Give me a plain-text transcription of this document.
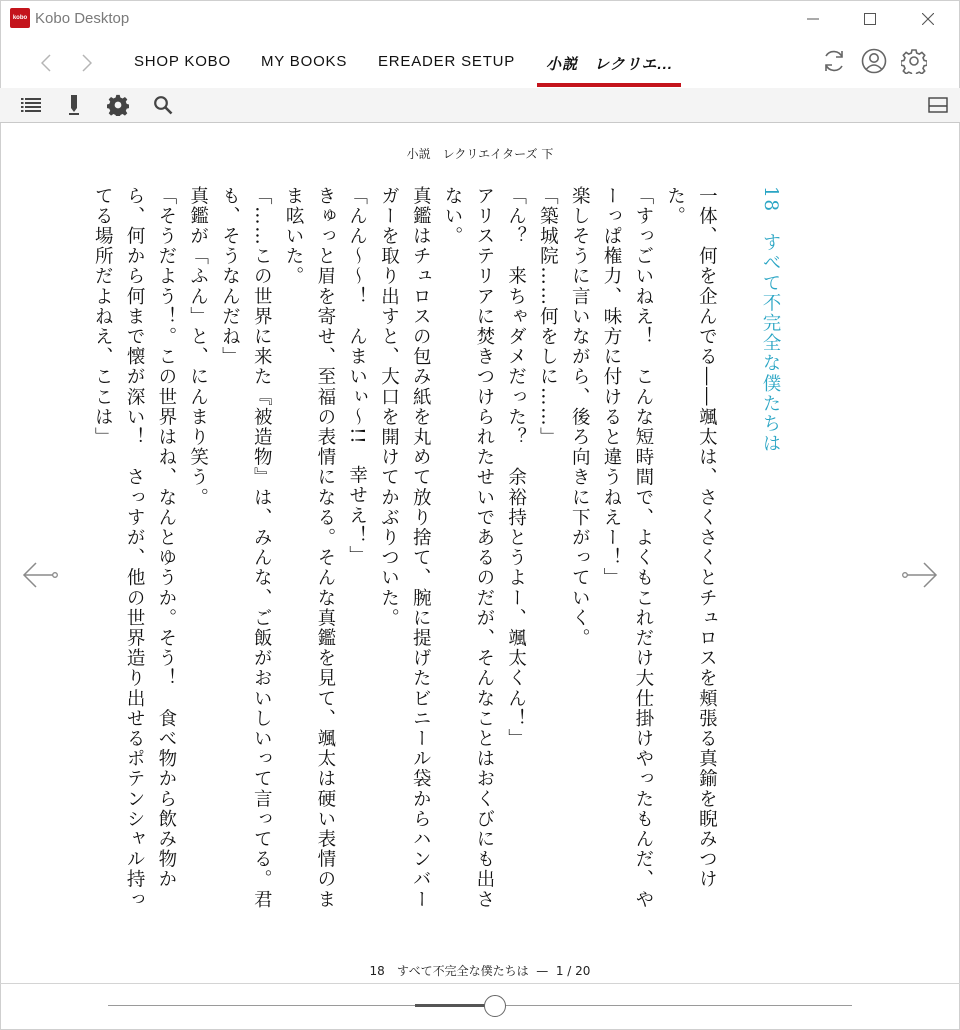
kobo Kobo Desktop
SHOP KOBO MY BOOKS EREADER SETUP 小説　レクリエ...
小説　レクリエイターズ 下

18　すべて不完全な僕たちは

一体、何を企んでる――颯太は、さくさくとチュロスを頬張る真鍮を睨みつけた。

「すっごいねえ！　こんな短時間で、よくもこれだけ大仕掛けやったもんだ、やーっぱ権力、味方に付けると違うねえー！」

楽しそうに言いながら、後ろ向きに下がっていく。

「築城院……何をしに……」

「ん？　来ちゃダメだった？　余裕持とうよー、颯太くん！」

アリステリアに焚きつけられたせいであるのだが、そんなことはおくびにも出さない。

真鑑はチュロスの包み紙を丸めて放り捨て、腕に提げたビニール袋からハンバーガーを取り出すと、大口を開けてかぶりついた。

「んん～～！　んまいぃ～!!　幸せえ！」

きゅっと眉を寄せ、至福の表情になる。そんな真鑑を見て、颯太は硬い表情のまま呟いた。

「……この世界に来た『被造物』は、みんな、ご飯がおいしいって言ってる。君も、そうなんだね」

真鑑が「ふん」と、にんまり笑う。

「そうだよう！。この世界はね、なんとゆうか。そう！　食べ物から飲み物から、何から何まで懐が深い！　さっすが、他の世界造り出せるポテンシャル持ってる場所だよねえ、ここは」

18　すべて不完全な僕たちは — 1 / 20
